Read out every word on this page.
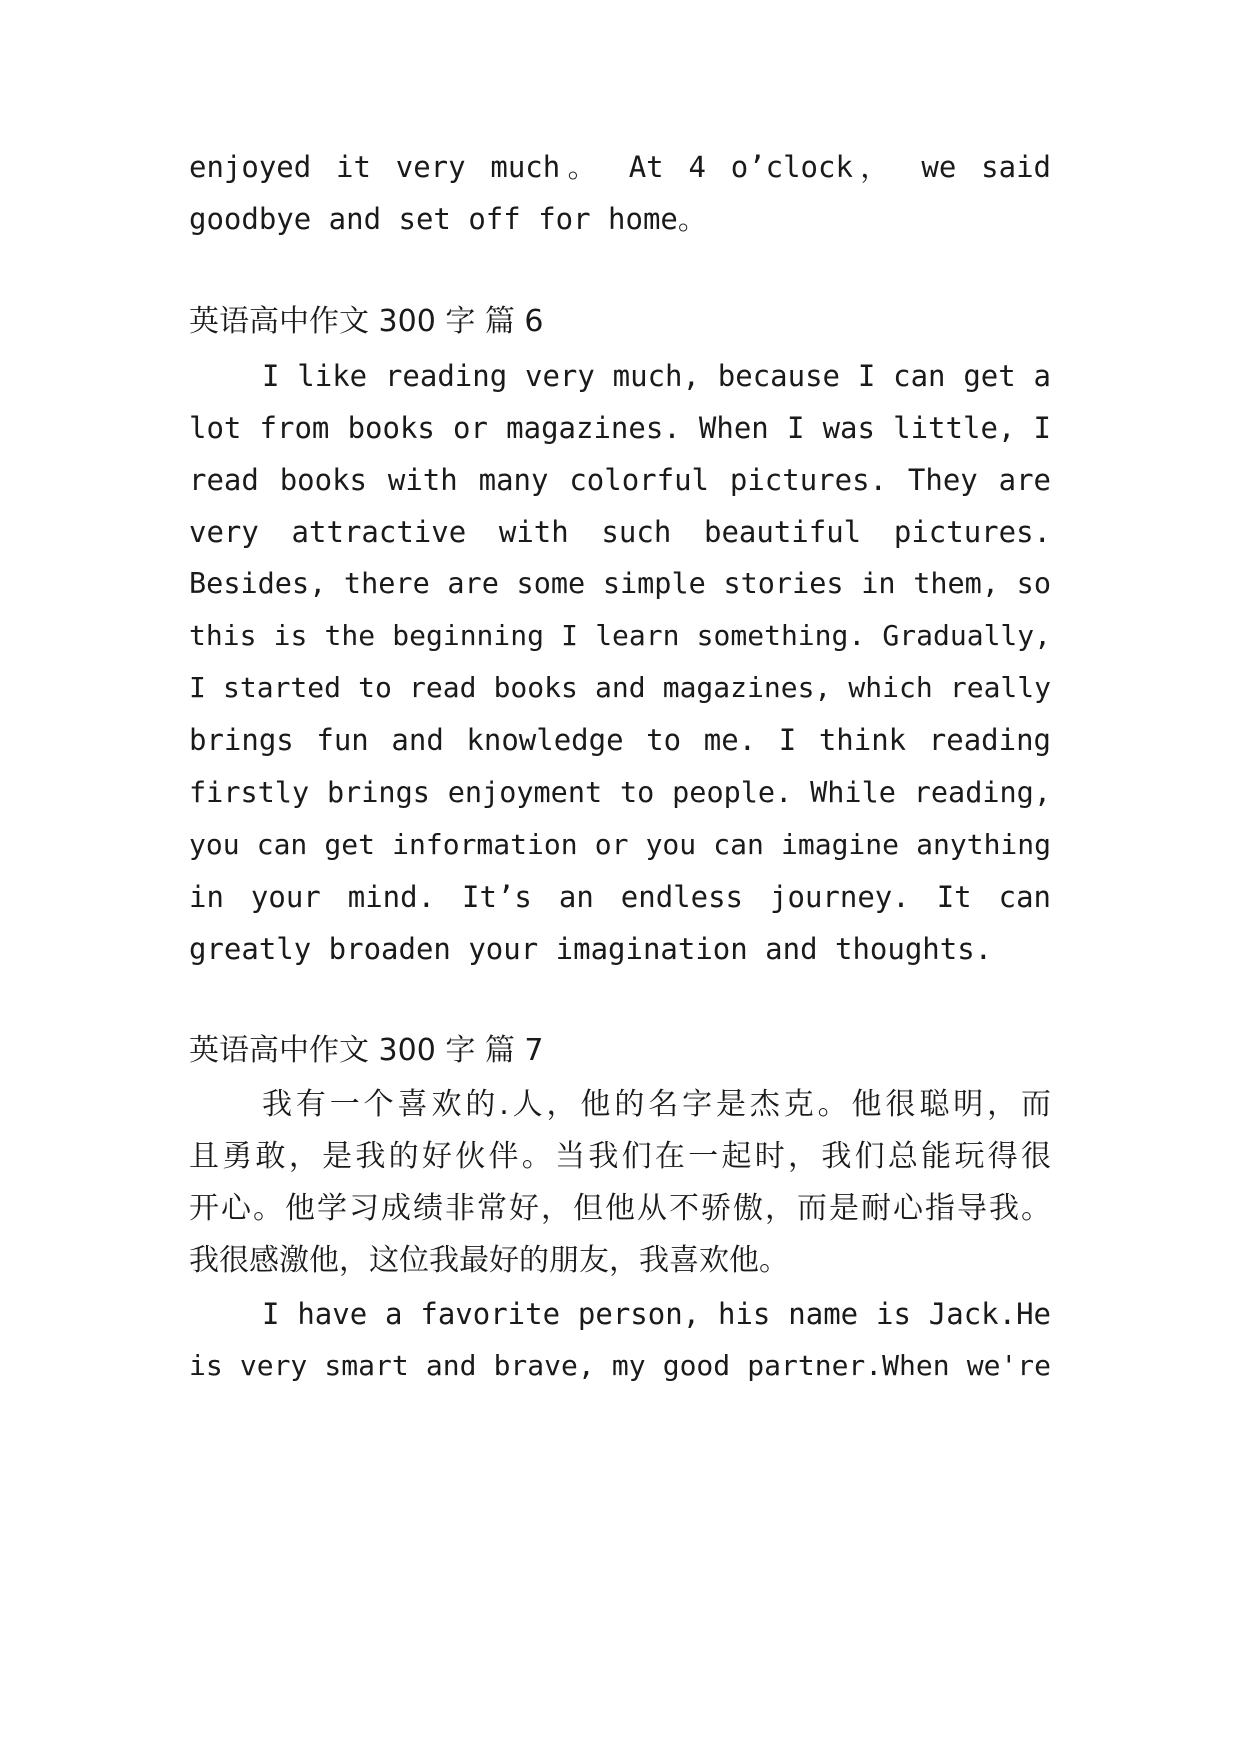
enjoyed it very much。 At 4 o’clock， we said
goodbye and set off for home。
英语高中作文 300 字 篇 6
I like reading very much, because I can get a
lot from books or magazines. When I was little, I
read books with many colorful pictures. They are
very attractive with such beautiful pictures.
Besides, there are some simple stories in them, so
this is the beginning I learn something. Gradually,
I started to read books and magazines, which really
brings fun and knowledge to me. I think reading
firstly brings enjoyment to people. While reading,
you can get information or you can imagine anything
in your mind. It’s an endless journey. It can
greatly broaden your imagination and thoughts.
英语高中作文 300 字 篇 7
我有一个喜欢的.人，他的名字是杰克。他很聪明，而
且勇敢，是我的好伙伴。当我们在一起时，我们总能玩得很
开心。他学习成绩非常好，但他从不骄傲，而是耐心指导我。
我很感激他，这位我最好的朋友，我喜欢他。
I have a favorite person, his name is Jack.He
is very smart and brave, my good partner.When we're
